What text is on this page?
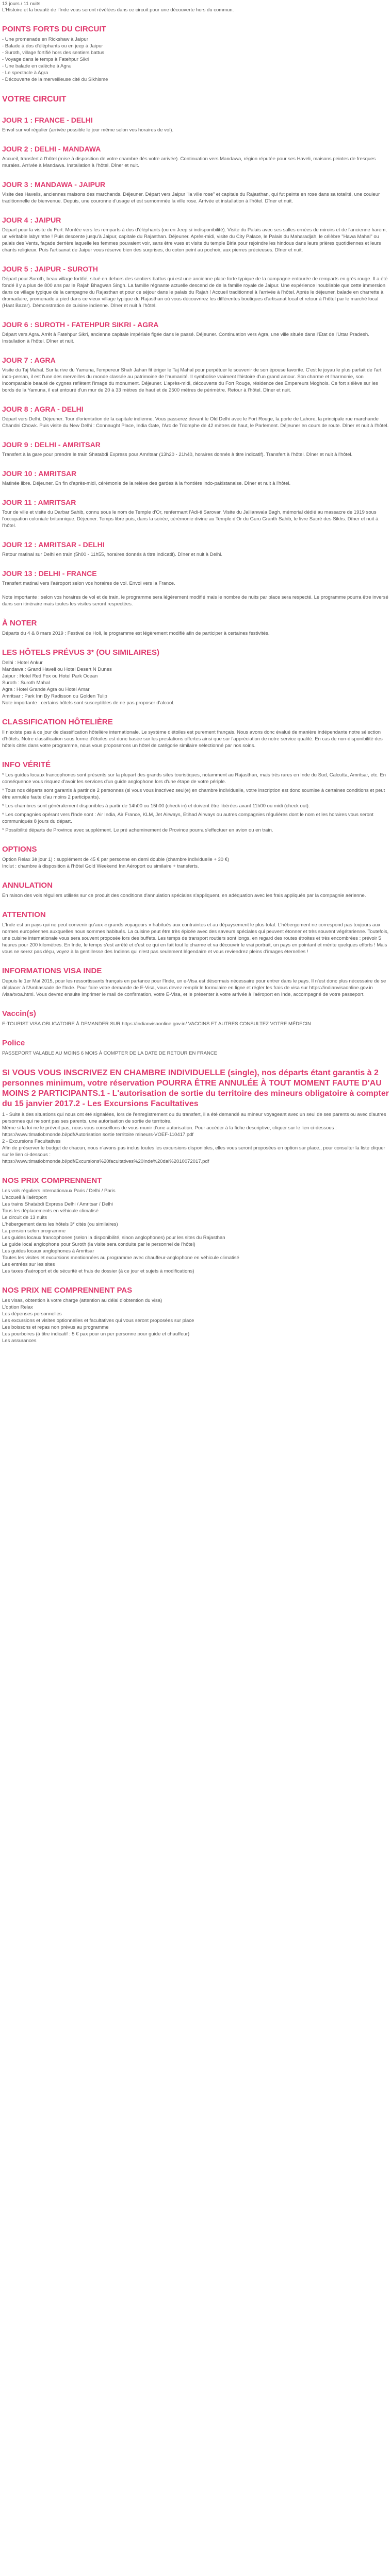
13 jours / 11 nuits
L'Histoire et la beauté de l'Inde vous seront révélées dans ce circuit pour une découverte hors du commun.
POINTS FORTS DU CIRCUIT
- Une promenade en Rickshaw à Jaipur
- Balade à dos d'éléphants ou en jeep à Jaipur
- Suroth, village fortifié hors des sentiers battus
- Voyage dans le temps à Fatehpur Sikri
- Une balade en calèche à Agra
- Le spectacle à Agra
- Découverte de la merveilleuse cité du Sikhisme
VOTRE CIRCUIT
JOUR 1 : FRANCE - DELHI

Envol sur vol régulier (arrivée possible le jour même selon vos horaires de vol).

JOUR 2 : DELHI - MANDAWA

Accueil, transfert à l'hôtel (mise à disposition de votre chambre dès votre arrivée). Continuation vers Mandawa, région réputée pour ses Haveli, maisons peintes de fresques murales. Arrivée à Mandawa. Installation à l'hôtel. Dîner et nuit.

JOUR 3 : MANDAWA - JAIPUR

Visite des Havelis, anciennes maisons des marchands. Déjeuner. Départ vers Jaipur "la ville rose" et capitale du Rajasthan, qui fut peinte en rose dans sa totalité, une couleur traditionnelle de bienvenue. Depuis, une couronne d'usage et est surnommée la ville rose. Arrivée et installation à l'hôtel. Dîner et nuit.

JOUR 4 : JAIPUR

Départ pour la visite du Fort. Montée vers les remparts à dos d'éléphants (ou en Jeep si indisponibilité). Visite du Palais avec ses salles ornées de miroirs et de l'ancienne harem, un véritable labyrinthe ! Puis descente jusqu'à Jaipur, capitale du Rajasthan. Déjeuner. Après-midi, visite du City Palace, le Palais du Maharadjah, le célèbre "Hawa Mahal" ou palais des Vents, façade derrière laquelle les femmes pouvaient voir, sans être vues et visite du temple Birla pour rejoindre les hindous dans leurs prières quotidiennes et leurs chants religieux. Puis l'artisanat de Jaipur vous réserve bien des surprises, du coton peint au pochoir, aux pierres précieuses. Dîner et nuit.

JOUR 5 : JAIPUR - SUROTH

Départ pour Suroth, beau village fortifié, situé en dehors des sentiers battus qui est une ancienne place forte typique de la campagne entourée de remparts en grès rouge. Il a été fondé il y a plus de 800 ans par le Rajah Bhagwan Singh. La famille régnante actuelle descend de de la famille royale de Jaipur. Une expérience inoubliable que cette immersion dans ce village typique de la campagne du Rajasthan et pour ce séjour dans le palais du Rajah ! Accueil traditionnel à l'arrivée à l'hôtel. Après le déjeuner, balade en charrette à dromadaire, promenade à pied dans ce vieux village typique du Rajasthan où vous découvrirez les différentes boutiques d'artisanat local et retour à l'hôtel par le marché local (Haat Bazar). Démonstration de cuisine indienne. Dîner et nuit à l'hôtel.

JOUR 6 : SUROTH - FATEHPUR SIKRI - AGRA

Départ vers Agra. Arrêt à Fatehpur Sikri, ancienne capitale impériale figée dans le passé. Déjeuner. Continuation vers Agra, une ville située dans l'Etat de l'Uttar Pradesh. Installation à l'hôtel. Dîner et nuit.

JOUR 7 : AGRA

Visite du Taj Mahal. Sur la rive du Yamuna, l'empereur Shah Jahan fit ériger le Taj Mahal pour perpétuer le souvenir de son épouse favorite. C'est le joyau le plus parfait de l'art indo-persan, il est l'une des merveilles du monde classée au patrimoine de l'humanité. Il symbolise vraiment l'histoire d'un grand amour. Son charme et l'harmonie, son incomparable beauté de cygnes reflètent l'image du monument. Déjeuner. L'après-midi, découverte du Fort Rouge, résidence des Empereurs Moghols. Ce fort s'élève sur les bords de la Yamuna, il est entouré d'un mur de 20 à 33 mètres de haut et de 2500 mètres de périmètre. Retour à l'hôtel. Dîner et nuit.

JOUR 8 : AGRA - DELHI

Départ vers Delhi. Déjeuner. Tour d'orientation de la capitale indienne. Vous passerez devant le Old Delhi avec le Fort Rouge, la porte de Lahore, la principale rue marchande Chandni Chowk. Puis visite du New Delhi : Connaught Place, India Gate, l'Arc de Triomphe de 42 mètres de haut, le Parlement. Déjeuner en cours de route. Dîner et nuit à l'hôtel.

JOUR 9 : DELHI - AMRITSAR

Transfert à la gare pour prendre le train Shatabdi Express pour Amritsar (13h20 - 21h40, horaires donnés à titre indicatif). Transfert à l'hôtel. Dîner et nuit à l'hôtel.

JOUR 10 : AMRITSAR

Matinée libre. Déjeuner. En fin d'après-midi, cérémonie de la relève des gardes à la frontière indo-pakistanaise. Dîner et nuit à l'hôtel.

JOUR 11 : AMRITSAR

Tour de ville et visite du Darbar Sahib, connu sous le nom de Temple d'Or, renfermant l'Adi-ti Sarovar. Visite du Jallianwala Bagh, mémorial dédié au massacre de 1919 sous l'occupation coloniale britannique. Déjeuner. Temps libre puis, dans la soirée, cérémonie divine au Temple d'Or du Guru Granth Sahib, le livre Sacré des Sikhs. Dîner et nuit à l'hôtel.

JOUR 12 : AMRITSAR - DELHI

Retour matinal sur Delhi en train (5h00 - 11h55, horaires donnés à titre indicatif). Dîner et nuit à Delhi.

JOUR 13 : DELHI - FRANCE

Transfert matinal vers l'aéroport selon vos horaires de vol. Envol vers la France.

Note importante : selon vos horaires de vol et de train, le programme sera légèrement modifié mais le nombre de nuits par place sera respecté. Le programme pourra être inversé dans son itinéraire mais toutes les visites seront respectées.

À NOTER

Départs du 4 & 8 mars 2019 : Festival de Holi, le programme est légèrement modifié afin de participer à certaines festivités.

LES HÔTELS PRÉVUS 3* (OU SIMILAIRES)
Delhi : Hotel Ankur
Mandawa : Grand Haveli ou Hotel Desert N Dunes
Jaipur : Hotel Red Fox ou Hotel Park Ocean
Suroth : Suroth Mahal
Agra : Hotel Grande Agra ou Hotel Amar
Amritsar : Park Inn By Radisson ou Golden Tulip
Note importante : certains hôtels sont susceptibles de ne pas proposer d'alcool.
CLASSIFICATION HÔTELIÈRE

Il n'existe pas à ce jour de classification hôtelière internationale. Le système d'étoiles est purement français. Nous avons donc évalué de manière indépendante notre sélection d'hôtels. Notre classification sous forme d'étoiles est donc basée sur les prestations offertes ainsi que sur l'appréciation de notre service qualité. En cas de non-disponibilité des hôtels cités dans votre programme, nous vous proposerons un hôtel de catégorie similaire sélectionné par nos soins.

INFO VÉRITÉ

* Les guides locaux francophones sont présents sur la plupart des grands sites touristiques, notamment au Rajasthan, mais très rares en Inde du Sud, Calcutta, Amritsar, etc. En conséquence vous risquez d'avoir les services d'un guide anglophone lors d'une étape de votre périple.

* Tous nos départs sont garantis à partir de 2 personnes (si vous vous inscrivez seul(e) en chambre individuelle, votre inscription est donc soumise à certaines conditions et peut être annulée faute d'au moins 2 participants).

* Les chambres sont généralement disponibles à partir de 14h00 ou 15h00 (check in) et doivent être libérées avant 11h00 ou midi (check out).

* Les compagnies opérant vers l'Inde sont : Air India, Air France, KLM, Jet Airways, Etihad Airways ou autres compagnies régulières dont le nom et les horaires vous seront communiqués 8 jours du départ.

* Possibilité départs de Province avec supplément. Le pré acheminement de Province pourra s'effectuer en avion ou en train.

OPTIONS
Option Relax 3è jour 1) : supplément de 45 € par personne en demi double (chambre individuelle + 30 €)
Inclut : chambre à disposition à l'hôtel Gold Weekend Inn Aéroport ou similaire + transferts.
ANNULATION

En raison des vols réguliers utilisés sur ce produit des conditions d'annulation spéciales s'appliquent, en adéquation avec les frais appliqués par la compagnie aérienne.

ATTENTION

L'Inde est un pays qui ne peut convenir qu'aux « grands voyageurs » habitués aux contraintes et au dépaysement le plus total. L'hébergement ne correspond pas toujours aux normes européennes auxquelles nous sommes habitués. La cuisine peut être très épicée avec des saveurs spéciales qui peuvent étonner et très souvent végétarienne. Toutefois, une cuisine internationale vous sera souvent proposée lors des buffets. Les temps de transport routiers sont longs, en regard des routes étroites et très encombrées : prévoir 5 heures pour 200 kilomètres. En Inde, le temps s'est arrêté et c'est ce qui en fait tout le charme et va découvrir le vrai portrait, un pays en pointant et mérite quelques efforts ! Mais vous ne serez pas déçu, voyez à la gentillesse des Indiens qui n'est pas seulement légendaire et vous reviendrez pleins d'images éternelles !

INFORMATIONS VISA INDE

Depuis le 1er Mai 2015, pour les ressortissants français en partance pour l'Inde, un e-Visa est désormais nécessaire pour entrer dans le pays. Il n'est donc plus nécessaire de se déplacer à l'Ambassade de l'Inde. Pour faire votre demande de E-Visa, vous devez remplir le formulaire en ligne et régler les frais de visa sur https://indianvisaonline.gov.in /visa/tvoa.html. Vous devrez ensuite imprimer le mail de confirmation, votre E-Visa, et le présenter à votre arrivée à l'aéroport en Inde, accompagné de votre passeport.

Vaccin(s)

E-TOURIST VISA OBLIGATOIRE À DEMANDER SUR https://indianvisaonline.gov.in/ VACCINS ET AUTRES CONSULTEZ VOTRE MÉDECIN

Police

PASSEPORT VALABLE AU MOINS 6 MOIS À COMPTER DE LA DATE DE RETOUR EN FRANCE

SI VOUS VOUS INSCRIVEZ EN CHAMBRE INDIVIDUELLE (single), nos départs étant garantis à 2 personnes minimum, votre réservation POURRA ÊTRE ANNULÉE À TOUT MOMENT FAUTE D'AU MOINS 2 PARTICIPANTS.1 - L'autorisation de sortie du territoire des mineurs obligatoire à compter du 15 janvier 2017.2 - Les Excursions Facultatives
1 - Suite à des situations qui nous ont été signalées, lors de l'enregistrement ou du transfert, il a été demandé au mineur voyageant avec un seul de ses parents ou avec d'autres personnes qui ne sont pas ses parents, une autorisation de sortie de territoire.
Même si la loi ne le prévoit pas, nous vous conseillons de vous munir d'une autorisation. Pour accéder à la fiche descriptive, cliquer sur le lien ci-dessous :
https://www.tlmatlobmonde.bi/pdf/Autorisation sortie territoire mineurs-VOEF-110417.pdf
2 - Excursions Facultatives
Afin de préserver le budget de chacun, nous n'avons pas inclus toutes les excursions disponibles, elles vous seront proposées en option sur place., pour consulter la liste cliquer sur le lien ci-dessous :
https://www.tlmatlobmonde.bi/pdf/Excursions%20facultatives%20Inde%20dai%2010072017.pdf
NOS PRIX COMPRENNENT
Les vols réguliers internationaux Paris / Delhi / Paris
L'accueil à l'aéroport
Les trains Shatabdi Express Delhi / Amritsar / Delhi
Tous les déplacements en véhicule climatisé
Le circuit de 13 nuits
L'hébergement dans les hôtels 3* cités (ou similaires)
La pension selon programme
Les guides locaux francophones (selon la disponibilité, sinon anglophones) pour les sites du Rajasthan
Le guide local anglophone pour Suroth (la visite sera conduite par le personnel de l'hôtel)
Les guides locaux anglophones à Amritsar
Toutes les visites et excursions mentionnées au programme avec chauffeur-anglophone en véhicule climatisé
Les entrées sur les sites
Les taxes d'aéroport et de sécurité et frais de dossier (à ce jour et sujets à modifications)
NOS PRIX NE COMPRENNENT PAS
Les visas, obtention à votre charge (attention au délai d'obtention du visa)
L'option Relax
Les dépenses personnelles
Les excursions et visites optionnelles et facultatives qui vous seront proposées sur place
Les boissons et repas non prévus au programme
Les pourboires (à titre indicatif : 5 € pax pour un per personne pour guide et chauffeur)
Les assurances
